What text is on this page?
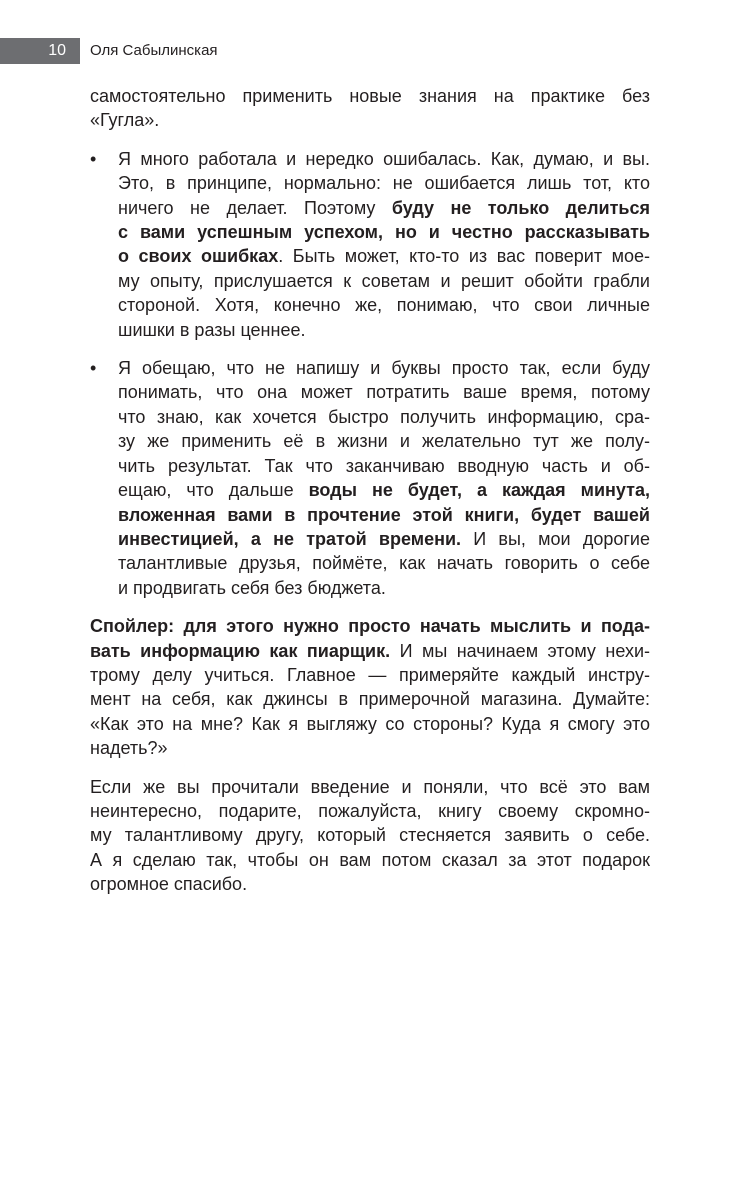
10 Оля Сабылинская
самостоятельно применить новые знания на практике без
«Гугла».
• Я много работала и нередко ошибалась. Как, думаю, и вы.
Это, в принципе, нормально: не ошибается лишь тот, кто
ничего не делает. Поэтому буду не только делиться
с вами успешным успехом, но и честно рассказывать
о своих ошибках. Быть может, кто-то из вас поверит мое-
му опыту, прислушается к советам и решит обойти грабли
стороной. Хотя, конечно же, понимаю, что свои личные
шишки в разы ценнее.
• Я обещаю, что не напишу и буквы просто так, если буду
понимать, что она может потратить ваше время, потому
что знаю, как хочется быстро получить информацию, сра-
зу же применить её в жизни и желательно тут же полу-
чить результат. Так что заканчиваю вводную часть и об-
ещаю, что дальше воды не будет, а каждая минута,
вложенная вами в прочтение этой книги, будет вашей
инвестицией, а не тратой времени. И вы, мои дорогие
талантливые друзья, поймёте, как начать говорить о себе
и продвигать себя без бюджета.
Спойлер: для этого нужно просто начать мыслить и пода-
вать информацию как пиарщик. И мы начинаем этому нехи-
трому делу учиться. Главное — примеряйте каждый инстру-
мент на себя, как джинсы в примерочной магазина. Думайте:
«Как это на мне? Как я выгляжу со стороны? Куда я смогу это
надеть?»
Если же вы прочитали введение и поняли, что всё это вам
неинтересно, подарите, пожалуйста, книгу своему скромно-
му талантливому другу, который стесняется заявить о себе.
А я сделаю так, чтобы он вам потом сказал за этот подарок
огромное спасибо.
